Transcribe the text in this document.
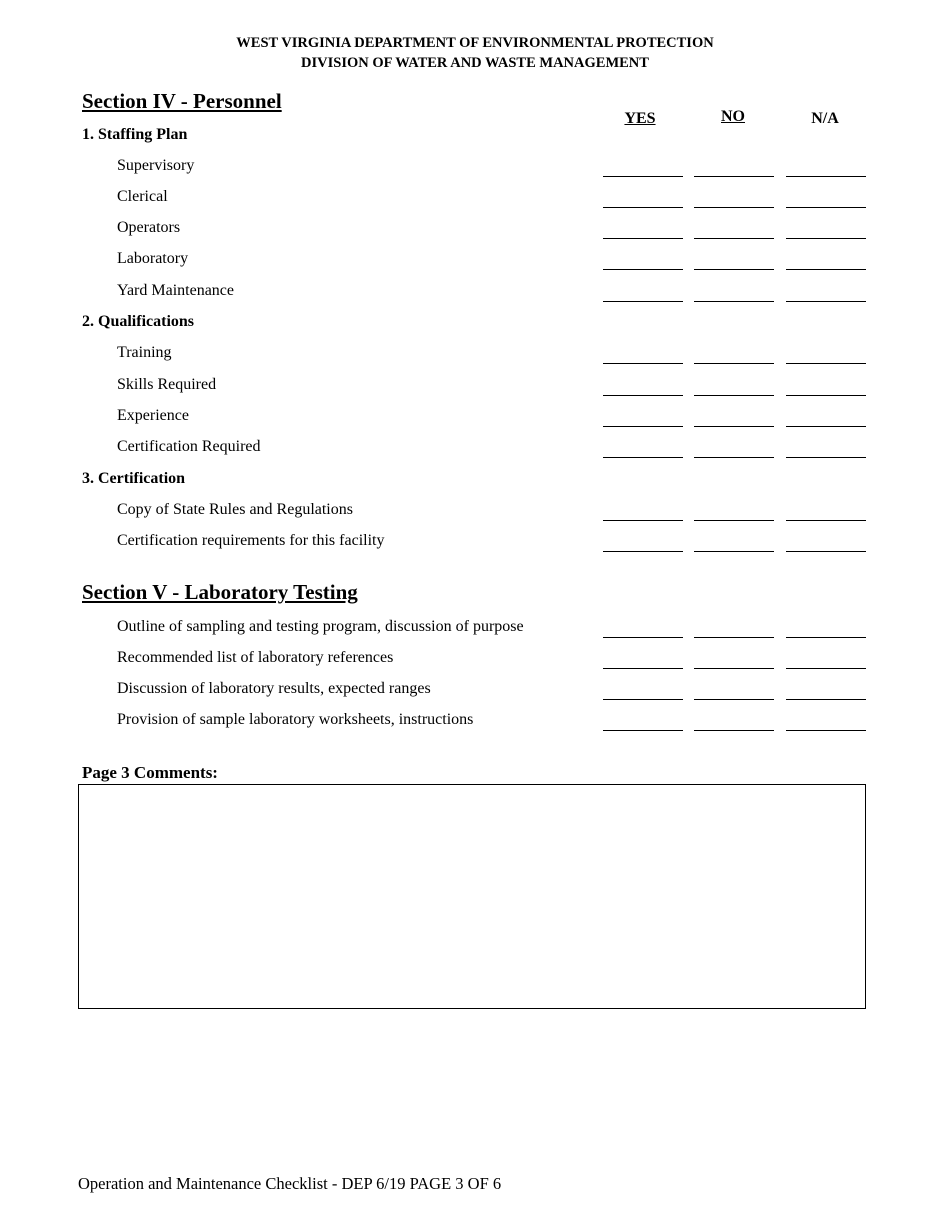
WEST VIRGINIA DEPARTMENT OF ENVIRONMENTAL PROTECTION
DIVISION OF WATER AND WASTE MANAGEMENT
Section IV - Personnel
YES	NO	N/A
1. Staffing Plan
Supervisory
Clerical
Operators
Laboratory
Yard Maintenance
2. Qualifications
Training
Skills Required
Experience
Certification Required
3. Certification
Copy of State Rules and Regulations
Certification requirements for this facility
Section V - Laboratory Testing
Outline of sampling and testing program, discussion of purpose
Recommended list of laboratory references
Discussion of laboratory results, expected ranges
Provision of sample laboratory worksheets, instructions
Page 3 Comments:
Operation and Maintenance Checklist - DEP 6/19 PAGE 3 OF 6
